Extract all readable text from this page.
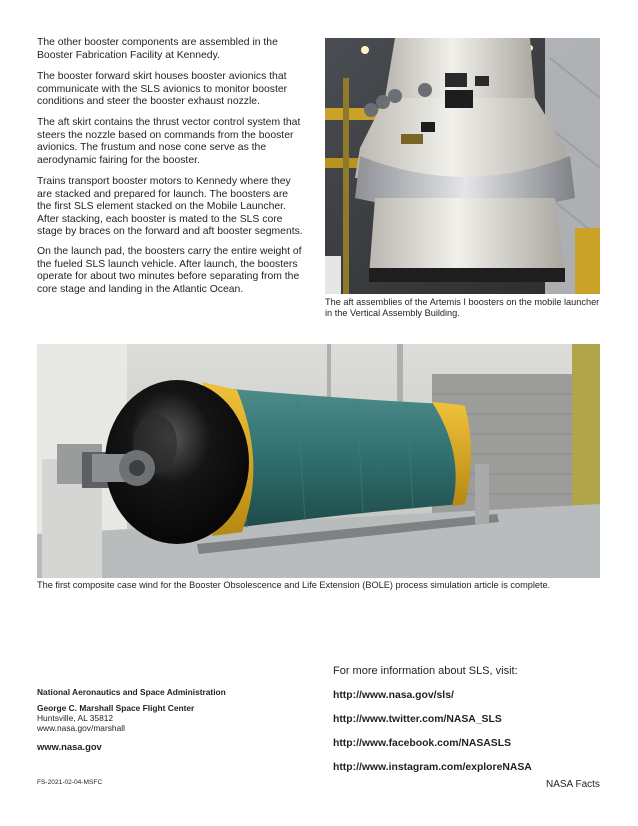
The other booster components are assembled in the Booster Fabrication Facility at Kennedy.

The booster forward skirt houses booster avionics that communicate with the SLS avionics to monitor booster conditions and steer the booster exhaust nozzle.

The aft skirt contains the thrust vector control system that steers the nozzle based on commands from the booster avionics. The frustum and nose cone serve as the aerodynamic fairing for the booster.

Trains transport booster motors to Kennedy where they are stacked and prepared for launch. The boosters are the first SLS element stacked on the Mobile Launcher. After stacking, each booster is mated to the SLS core stage by braces on the forward and aft booster segments.

On the launch pad, the boosters carry the entire weight of the fueled SLS launch vehicle. After launch, the boosters operate for about two minutes before separating from the core stage and landing in the Atlantic Ocean.

The aft assemblies of the Artemis I boosters on the mobile launcher in the Vertical Assembly Building.

The first composite case wind for the Booster Obsolescence and Life Extension (BOLE) process simulation article is complete.

National Aeronautics and Space Administration

George C. Marshall Space Flight Center

Huntsville, AL 35812

www.nasa.gov/marshall

www.nasa.gov

FS-2021-02-04-MSFC

For more information about SLS, visit:

http://www.nasa.gov/sls/

http://www.twitter.com/NASA_SLS

http://www.facebook.com/NASASLS

http://www.instagram.com/exploreNASA

NASA Facts
